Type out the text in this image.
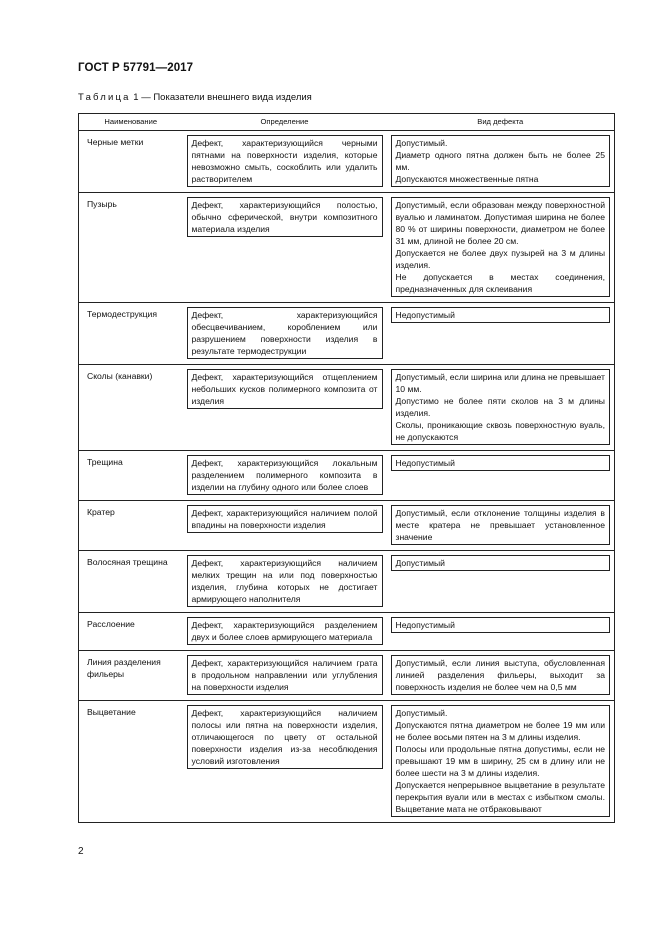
ГОСТ Р 57791—2017
Таблица 1 — Показатели внешнего вида изделия
Наименование	Определение	Вид дефекта
Черные метки	Дефект, характеризующийся черными пятнами на поверхности изделия, которые невозможно смыть, соскоблить или удалить растворителем	Допустимый.

Диаметр одного пятна должен быть не более 25 мм.

Допускаются множественные пятна

Пузырь	Дефект, характеризующийся полостью, обычно сферической, внутри композитного материала изделия	Допустимый, если образован между поверхностной вуалью и ламинатом. Допустимая ширина не более 80 % от ширины поверхности, диаметром не более 31 мм, длиной не более 20 см.

Допускается не более двух пузырей на 3 м длины изделия.

Не допускается в местах соединения, предназначенных для склеивания

Термодеструкция	Дефект, характеризующийся обесцвечиванием, короблением или разрушением поверхности изделия в результате термодеструкции	Недопустимый

Сколы (канавки)	Дефект, характеризующийся отщеплением небольших кусков полимерного композита от изделия	Допустимый, если ширина или длина не превышает 10 мм.

Допустимо не более пяти сколов на 3 м длины изделия.

Сколы, проникающие сквозь поверхностную вуаль, не допускаются

Трещина	Дефект, характеризующийся локальным разделением полимерного композита в изделии на глубину одного или более слоев	Недопустимый

Кратер	Дефект, характеризующийся наличием полой впадины на поверхности изделия	Допустимый, если отклонение толщины изделия в месте кратера не превышает установленное значение

Волосяная трещина	Дефект, характеризующийся наличием мелких трещин на или под поверхностью изделия, глубина которых не достигает армирующего наполнителя	Допустимый

Расслоение	Дефект, характеризующийся разделением двух и более слоев армирующего материала	Недопустимый

Линия разделения фильеры	Дефект, характеризующийся наличием грата в продольном направлении или углубления на поверхности изделия	Допустимый, если линия выступа, обусловленная линией разделения фильеры, выходит за поверхность изделия не более чем на 0,5 мм

Выцветание	Дефект, характеризующийся наличием полосы или пятна на поверхности изделия, отличающегося по цвету от остальной поверхности изделия из-за несоблюдения условий изготовления	Допустимый.

Допускаются пятна диаметром не более 19 мм или не более восьми пятен на 3 м длины изделия.

Полосы или продольные пятна допустимы, если не превышают 19 мм в ширину, 25 см в длину или не более шести на 3 м длины изделия.

Допускается непрерывное выцветание в результате перекрытия вуали или в местах с избытком смолы. Выцветание мата не отбраковывают

2
